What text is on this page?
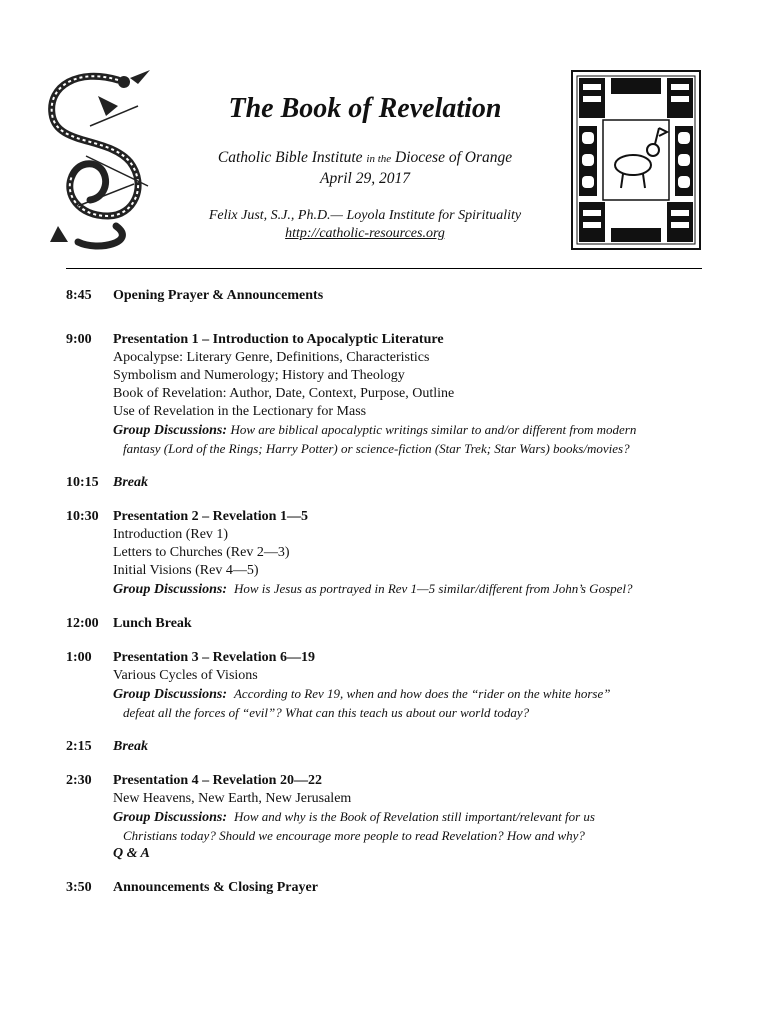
The Book of Revelation
Catholic Bible Institute in the Diocese of Orange
April 29, 2017
Felix Just, S.J., Ph.D.— Loyola Institute for Spirituality
http://catholic-resources.org
8:45	Opening Prayer & Announcements
9:00	Presentation 1 – Introduction to Apocalyptic Literature
Apocalypse: Literary Genre, Definitions, Characteristics
Symbolism and Numerology; History and Theology
Book of Revelation: Author, Date, Context, Purpose, Outline
Use of Revelation in the Lectionary for Mass
Group Discussions: How are biblical apocalyptic writings similar to and/or different from modern
fantasy (Lord of the Rings; Harry Potter) or science-fiction (Star Trek; Star Wars) books/movies?
10:15	Break
10:30	Presentation 2 – Revelation 1—5
Introduction (Rev 1)
Letters to Churches (Rev 2—3)
Initial Visions (Rev 4—5)
Group Discussions: How is Jesus as portrayed in Rev 1—5 similar/different from John’s Gospel?
12:00	Lunch Break
1:00	Presentation 3 – Revelation 6—19
Various Cycles of Visions
Group Discussions: According to Rev 19, when and how does the “rider on the white horse”
defeat all the forces of “evil”? What can this teach us about our world today?
2:15	Break
2:30	Presentation 4 – Revelation 20—22
New Heavens, New Earth, New Jerusalem
Group Discussions: How and why is the Book of Revelation still important/relevant for us
Christians today? Should we encourage more people to read Revelation? How and why?
Q & A
3:50	Announcements & Closing Prayer
